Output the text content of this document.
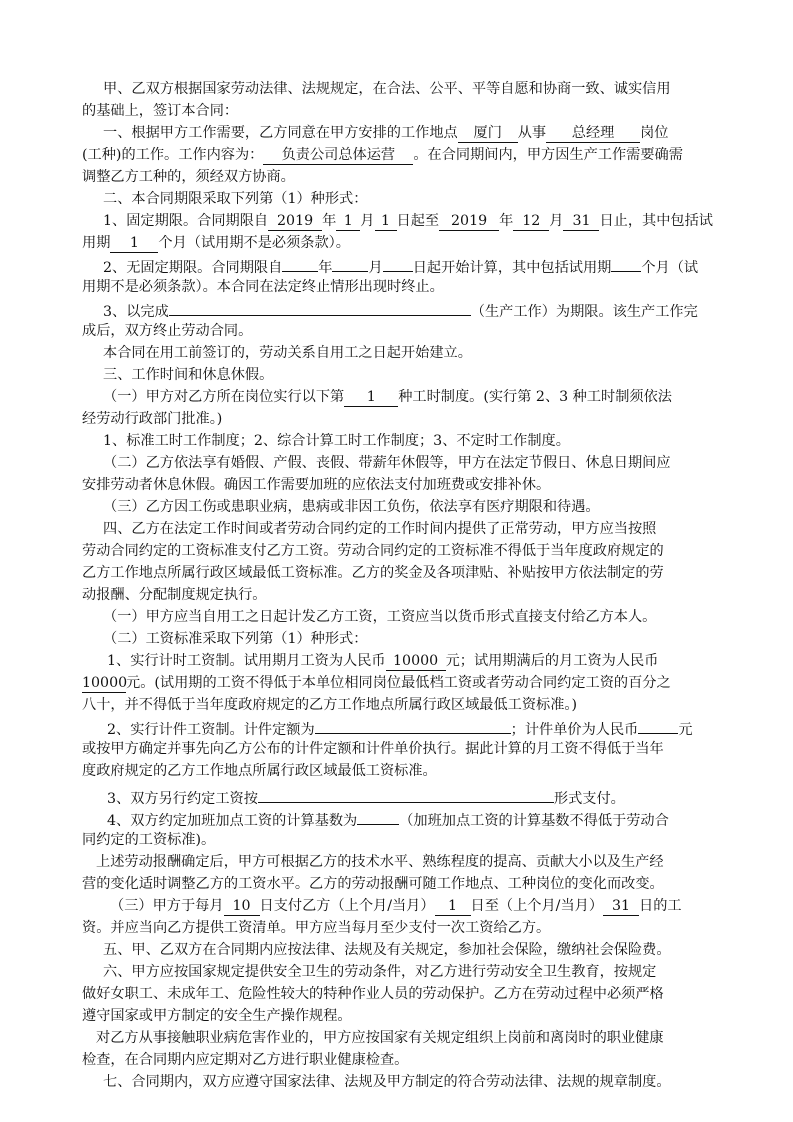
甲、乙双方根据国家劳动法律、法规规定，在合法、公平、平等自愿和协商一致、诚实信用
的基础上，签订本合同：
一、根据甲方工作需要，乙方同意在甲方安排的工作地点 厦门 从事 总经理 岗位
(工种)的工作。工作内容为： 负责公司总体运营 。在合同期间内，甲方因生产工作需要确需
调整乙方工种的，须经双方协商。
二、本合同期限采取下列第（1）种形式：
1、固定期限。合同期限自 2019 年 1 月 1 日起至 2019 年 12 月 31 日止，其中包括试
用期 1 个月（试用期不是必须条款）。
2、无固定期限。合同期限自	年	月 日起开始计算，其中包括试用期 个月（试
用期不是必须条款）。本合同在法定终止情形出现时终止。
3、以完成	（生产工作）为期限。该生产工作完
成后，双方终止劳动合同。
本合同在用工前签订的，劳动关系自用工之日起开始建立。
三、工作时间和休息休假。
（一）甲方对乙方所在岗位实行以下第 1 种工时制度。(实行第 2、3 种工时制须依法
经劳动行政部门批准。)
1、标准工时工作制度；2、综合计算工时工作制度；3、不定时工作制度。
（二）乙方依法享有婚假、产假、丧假、带薪年休假等，甲方在法定节假日、休息日期间应
安排劳动者休息休假。确因工作需要加班的应依法支付加班费或安排补休。
（三）乙方因工伤或患职业病，患病或非因工负伤，依法享有医疗期限和待遇。
四、乙方在法定工作时间或者劳动合同约定的工作时间内提供了正常劳动，甲方应当按照
劳动合同约定的工资标准支付乙方工资。劳动合同约定的工资标准不得低于当年度政府规定的
乙方工作地点所属行政区域最低工资标准。乙方的奖金及各项津贴、补贴按甲方依法制定的劳
动报酬、分配制度规定执行。
（一）甲方应当自用工之日起计发乙方工资，工资应当以货币形式直接支付给乙方本人。
（二）工资标准采取下列第（1）种形式：
1、实行计时工资制。试用期月工资为人民币 10000 元；试用期满后的月工资为人民币
10000元。(试用期的工资不得低于本单位相同岗位最低档工资或者劳动合同约定工资的百分之
八十，并不得低于当年度政府规定的乙方工作地点所属行政区域最低工资标准。)
2、实行计件工资制。计件定额为	；计件单价为人民币	元
或按甲方确定并事先向乙方公布的计件定额和计件单价执行。据此计算的月工资不得低于当年
度政府规定的乙方工作地点所属行政区域最低工资标准。
3、双方另行约定工资按	形式支付。
4、双方约定加班加点工资的计算基数为	（加班加点工资的计算基数不得低于劳动合
同约定的工资标准)。
上述劳动报酬确定后，甲方可根据乙方的技术水平、熟练程度的提高、贡献大小以及生产经
营的变化适时调整乙方的工资水平。乙方的劳动报酬可随工作地点、工种岗位的变化而改变。
（三）甲方于每月 10 日支付乙方（上个月/当月） 1 日至（上个月/当月） 31 日的工
资。并应当向乙方提供工资清单。甲方应当每月至少支付一次工资给乙方。
五、甲、乙双方在合同期内应按法律、法规及有关规定，参加社会保险，缴纳社会保险费。
六、甲方应按国家规定提供安全卫生的劳动条件，对乙方进行劳动安全卫生教育，按规定
做好女职工、未成年工、危险性较大的特种作业人员的劳动保护。乙方在劳动过程中必须严格
遵守国家或甲方制定的安全生产操作规程。
对乙方从事接触职业病危害作业的，甲方应按国家有关规定组织上岗前和离岗时的职业健康
检查，在合同期内应定期对乙方进行职业健康检查。
七、合同期内，双方应遵守国家法律、法规及甲方制定的符合劳动法律、法规的规章制度。
